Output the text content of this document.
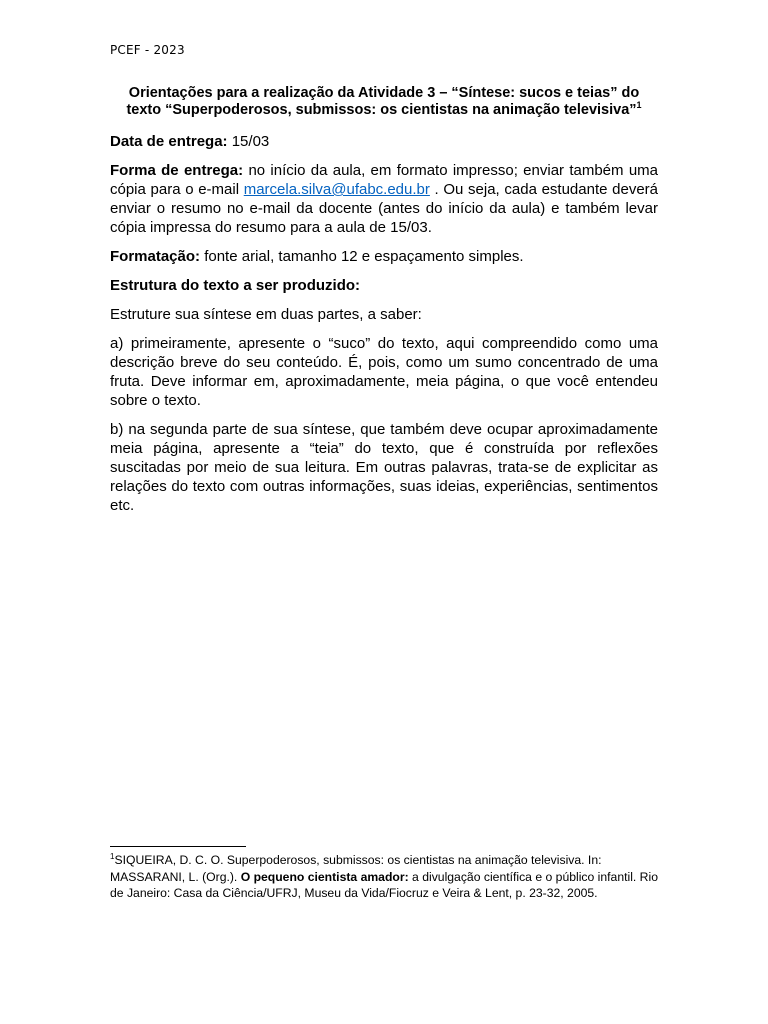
PCEF - 2023
Orientações para a realização da Atividade 3 – “Síntese: sucos e teias” do texto “Superpoderosos, submissos: os cientistas na animação televisiva”$^1$

Data de entrega: 15/03

Forma de entrega: no início da aula, em formato impresso; enviar também uma cópia para o e-mail marcela.silva@ufabc.edu.br . Ou seja, cada estudante deverá enviar o resumo no e-mail da docente (antes do início da aula) e também levar cópia impressa do resumo para a aula de 15/03.

Formatação: fonte arial, tamanho 12 e espaçamento simples.

Estrutura do texto a ser produzido:

Estruture sua síntese em duas partes, a saber:

a) primeiramente, apresente o “suco” do texto, aqui compreendido como uma descrição breve do seu conteúdo. É, pois, como um sumo concentrado de uma fruta. Deve informar em, aproximadamente, meia página, o que você entendeu sobre o texto.

b) na segunda parte de sua síntese, que também deve ocupar aproximadamente meia página, apresente a “teia” do texto, que é construída por reflexões suscitadas por meio de sua leitura. Em outras palavras, trata-se de explicitar as relações do texto com outras informações, suas ideias, experiências, sentimentos etc.

$^1$SIQUEIRA, D. C. O. Superpoderosos, submissos: os cientistas na animação televisiva. In: MASSARANI, L. (Org.). O pequeno cientista amador: a divulgação científica e o público infantil. Rio de Janeiro: Casa da Ciência/UFRJ, Museu da Vida/Fiocruz e Veira & Lent, p. 23-32, 2005.
